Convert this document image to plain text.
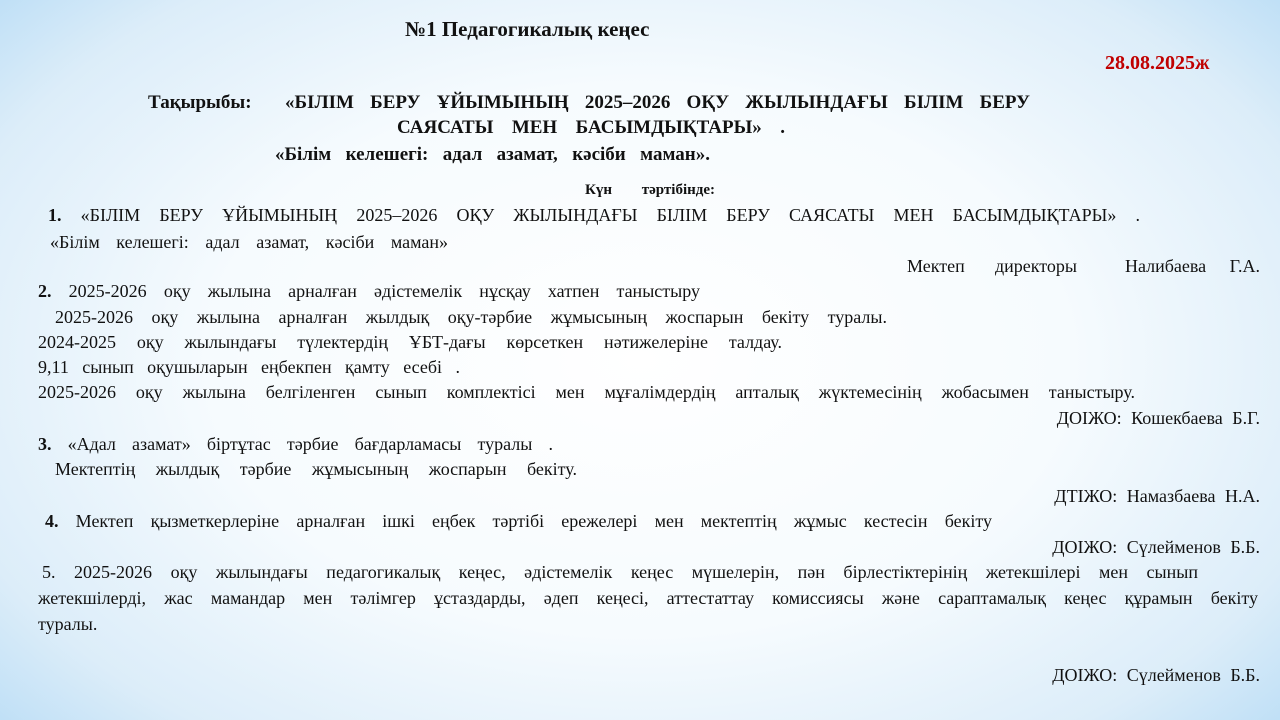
№1 Педагогикалық кеңес
28.08.2025ж
Тақырыбы: «БІЛІМ БЕРУ ҰЙЫМЫНЫҢ 2025–2026 ОҚУ ЖЫЛЫНДАҒЫ БІЛІМ БЕРУ
САЯСАТЫ МЕН БАСЫМДЫҚТАРЫ» .
«Білім келешегі: адал азамат, кәсіби маман».
Күн тәртібінде:
1. «БІЛІМ БЕРУ ҰЙЫМЫНЫҢ 2025–2026 ОҚУ ЖЫЛЫНДАҒЫ БІЛІМ БЕРУ САЯСАТЫ МЕН БАСЫМДЫҚТАРЫ» .
«Білім келешегі: адал азамат, кәсіби маман»
Мектеп директоры	Налибаева Г.А.
2. 2025-2026 оқу жылына арналған әдістемелік нұсқау хатпен таныстыру
2025-2026 оқу жылына арналған жылдық оқу-тәрбие жұмысының жоспарын бекіту туралы.
2024-2025 оқу жылындағы түлектердің ҰБТ-дағы көрсеткен нәтижелеріне талдау.
9,11 сынып оқушыларын еңбекпен қамту есебі .
2025-2026 оқу жылына белгіленген сынып комплектісі мен мұғалімдердің апталық жүктемесінің жобасымен таныстыру.
ДОІЖО: Кошекбаева Б.Г.
3. «Адал азамат» біртұтас тәрбие бағдарламасы туралы .
Мектептің жылдық тәрбие жұмысының жоспарын бекіту.
ДТІЖО: Намазбаева Н.А.
4. Мектеп қызметкерлеріне арналған ішкі еңбек тәртібі ережелері мен мектептің жұмыс кестесін бекіту
ДОІЖО: Сүлейменов Б.Б.
5. 2025-2026 оқу жылындағы педагогикалық кеңес, әдістемелік кеңес мүшелерін, пән бірлестіктерінің жетекшілері мен сынып
жетекшілерді, жас мамандар мен тәлімгер ұстаздарды, әдеп кеңесі, аттестаттау комиссиясы және сараптамалық кеңес құрамын бекіту
туралы.
ДОІЖО: Сүлейменов Б.Б.
